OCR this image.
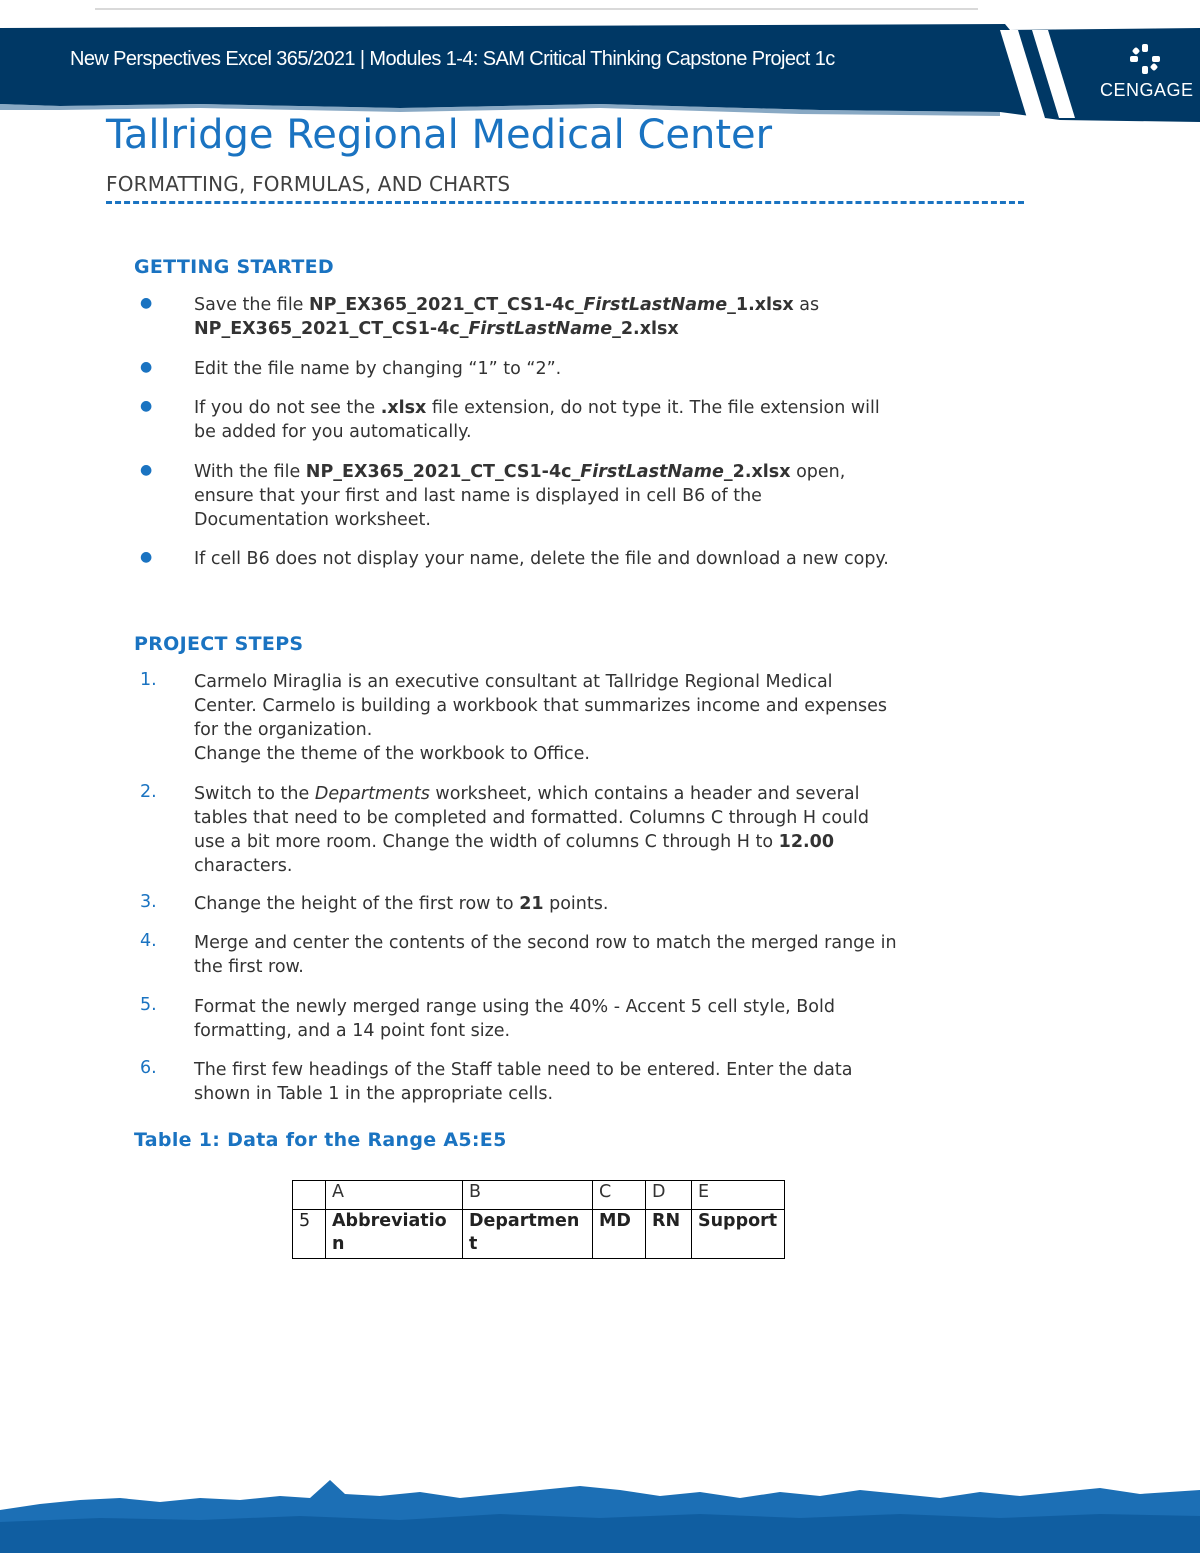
New Perspectives Excel 365/2021 | Modules 1-4: SAM Critical Thinking Capstone Project 1c
CENGAGE
Tallridge Regional Medical Center
FORMATTING, FORMULAS, AND CHARTS
GETTING STARTED
● Save the file NP_EX365_2021_CT_CS1-4c_FirstLastName_1.xlsx as
NP_EX365_2021_CT_CS1-4c_FirstLastName_2.xlsx
● Edit the file name by changing “1” to “2”.
● If you do not see the .xlsx file extension, do not type it. The file extension will
be added for you automatically.
● With the file NP_EX365_2021_CT_CS1-4c_FirstLastName_2.xlsx open,
ensure that your first and last name is displayed in cell B6 of the
Documentation worksheet.
● If cell B6 does not display your name, delete the file and download a new copy.
PROJECT STEPS
1. Carmelo Miraglia is an executive consultant at Tallridge Regional Medical
Center. Carmelo is building a workbook that summarizes income and expenses
for the organization.
Change the theme of the workbook to Office.
2. Switch to the Departments worksheet, which contains a header and several
tables that need to be completed and formatted. Columns C through H could
use a bit more room. Change the width of columns C through H to 12.00
characters.
3. Change the height of the first row to 21 points.
4. Merge and center the contents of the second row to match the merged range in
the first row.
5. Format the newly merged range using the 40% - Accent 5 cell style, Bold
formatting, and a 14 point font size.
6. The first few headings of the Staff table need to be entered. Enter the data
shown in Table 1 in the appropriate cells.
Table 1: Data for the Range A5:E5
	A	B	C	D	E
5	Abbreviation	Department	MD	RN	Support
